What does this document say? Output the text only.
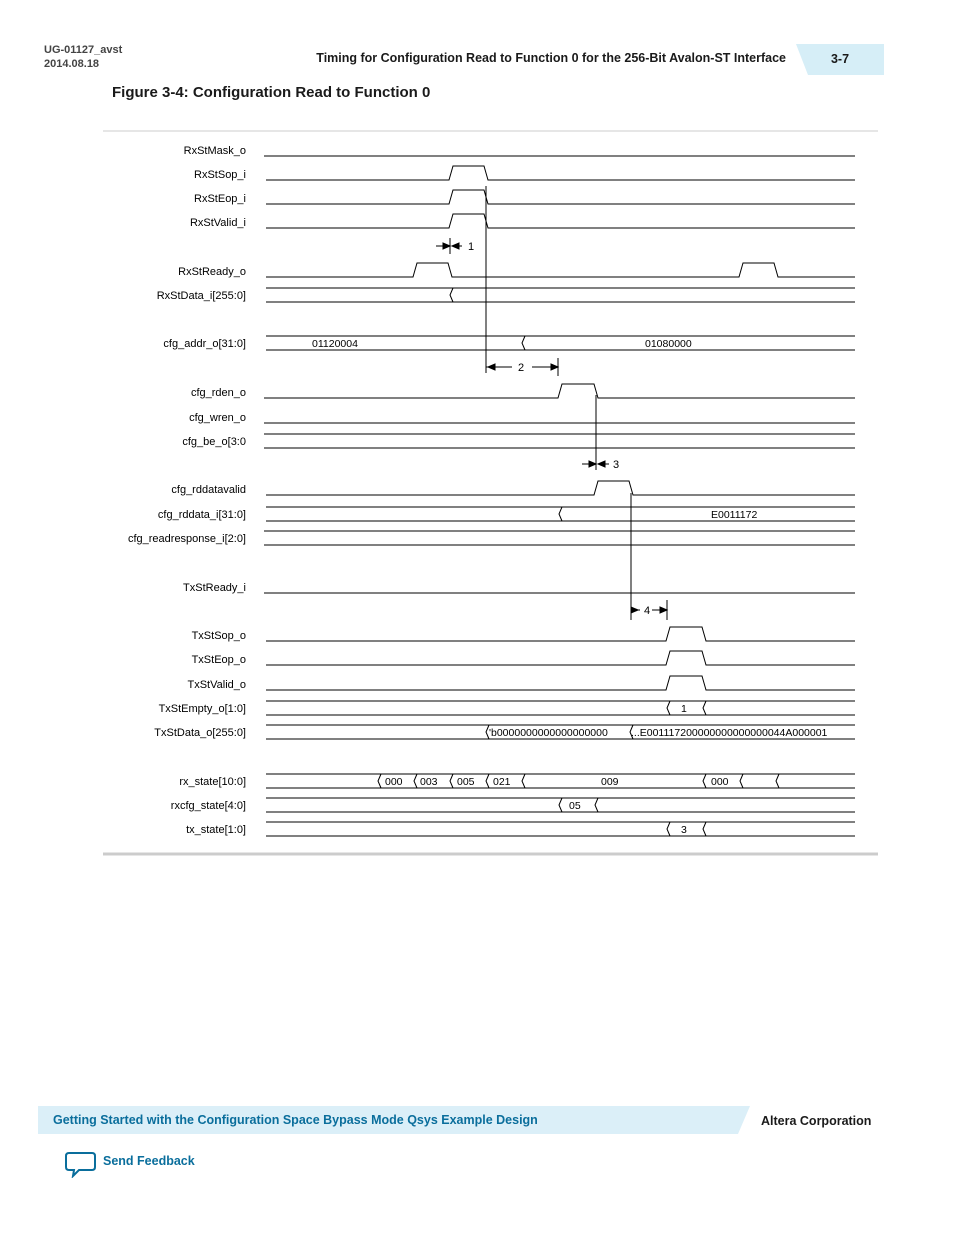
UG-01127_avst
2014.08.18	Timing for Configuration Read to Function 0 for the 256-Bit Avalon-ST Interface	3-7
Figure 3-4: Configuration Read to Function 0
RxStMask_o
RxStSop_i
RxStEop_i
RxStValid_i
RxStReady_o
RxStData_i[255:0]
cfg_addr_o[31:0]
cfg_rden_o
cfg_wren_o
cfg_be_o[3:0
cfg_rddatavalid
cfg_rddata_i[31:0]
cfg_readresponse_i[2:0]
TxStReady_i
TxStSop_o
TxStEop_o
TxStValid_o
TxStEmpty_o[1:0]
TxStData_o[255:0]
rx_state[10:0]
rxcfg_state[4:0]
tx_state[1:0]
01120004	01080000
E0011172
1
'b0000000000000000000 ...E001117200000000000000044A000001
000 003 005 021	009	000
05
3
1
2
3
4
Getting Started with the Configuration Space Bypass Mode Qsys Example Design	Altera Corporation
Send Feedback
